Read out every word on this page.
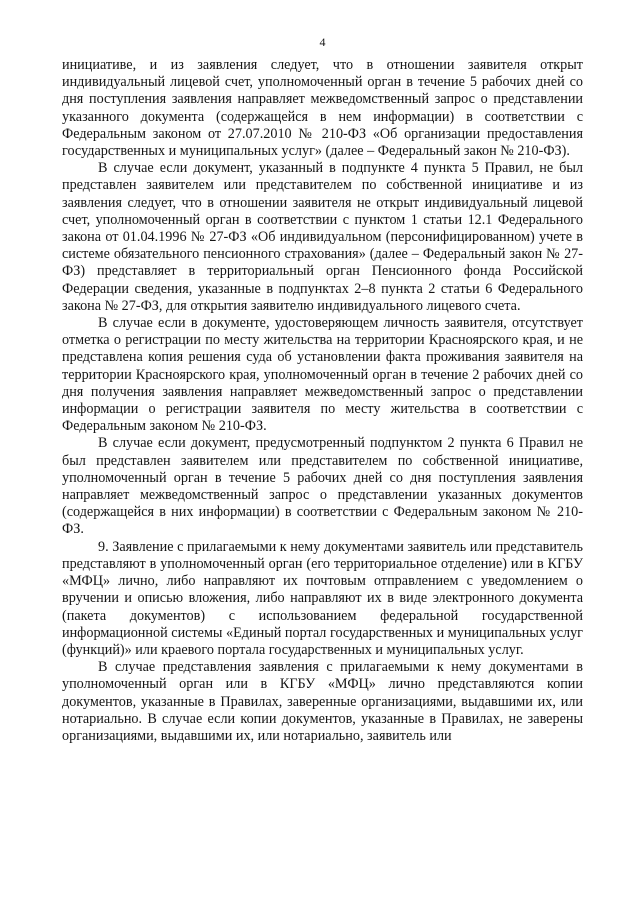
4

инициативе, и из заявления следует, что в отношении заявителя открыт индивидуальный лицевой счет, уполномоченный орган в течение 5 рабочих дней со дня поступления заявления направляет межведомственный запрос о представлении указанного документа (содержащейся в нем информации) в соответствии с Федеральным законом от 27.07.2010 № 210-ФЗ «Об организации предоставления государственных и муниципальных услуг» (далее – Федеральный закон № 210-ФЗ).

В случае если документ, указанный в подпункте 4 пункта 5 Правил, не был представлен заявителем или представителем по собственной инициативе и из заявления следует, что в отношении заявителя не открыт индивидуальный лицевой счет, уполномоченный орган в соответствии с пунктом 1 статьи 12.1 Федерального закона от 01.04.1996 № 27-ФЗ «Об индивидуальном (персонифицированном) учете в системе обязательного пенсионного страхования» (далее – Федеральный закон № 27-ФЗ) представляет в территориальный орган Пенсионного фонда Российской Федерации сведения, указанные в подпунктах 2–8 пункта 2 статьи 6 Федерального закона № 27-ФЗ, для открытия заявителю индивидуального лицевого счета.

В случае если в документе, удостоверяющем личность заявителя, отсутствует отметка о регистрации по месту жительства на территории Красноярского края, и не представлена копия решения суда об установлении факта проживания заявителя на территории Красноярского края, уполномоченный орган в течение 2 рабочих дней со дня получения заявления направляет межведомственный запрос о представлении информации о регистрации заявителя по месту жительства в соответствии с Федеральным законом № 210-ФЗ.

В случае если документ, предусмотренный подпунктом 2 пункта 6 Правил не был представлен заявителем или представителем по собственной инициативе, уполномоченный орган в течение 5 рабочих дней со дня поступления заявления направляет межведомственный запрос о представлении указанных документов (содержащейся в них информации) в соответствии с Федеральным законом № 210-ФЗ.

9. Заявление с прилагаемыми к нему документами заявитель или представитель представляют в уполномоченный орган (его территориальное отделение) или в КГБУ «МФЦ» лично, либо направляют их почтовым отправлением с уведомлением о вручении и описью вложения, либо направляют их в виде электронного документа (пакета документов) с использованием федеральной государственной информационной системы «Единый портал государственных и муниципальных услуг (функций)» или краевого портала государственных и муниципальных услуг.

В случае представления заявления с прилагаемыми к нему документами в уполномоченный орган или в КГБУ «МФЦ» лично представляются копии документов, указанные в Правилах, заверенные организациями, выдавшими их, или нотариально. В случае если копии документов, указанные в Правилах, не заверены организациями, выдавшими их, или нотариально, заявитель или
